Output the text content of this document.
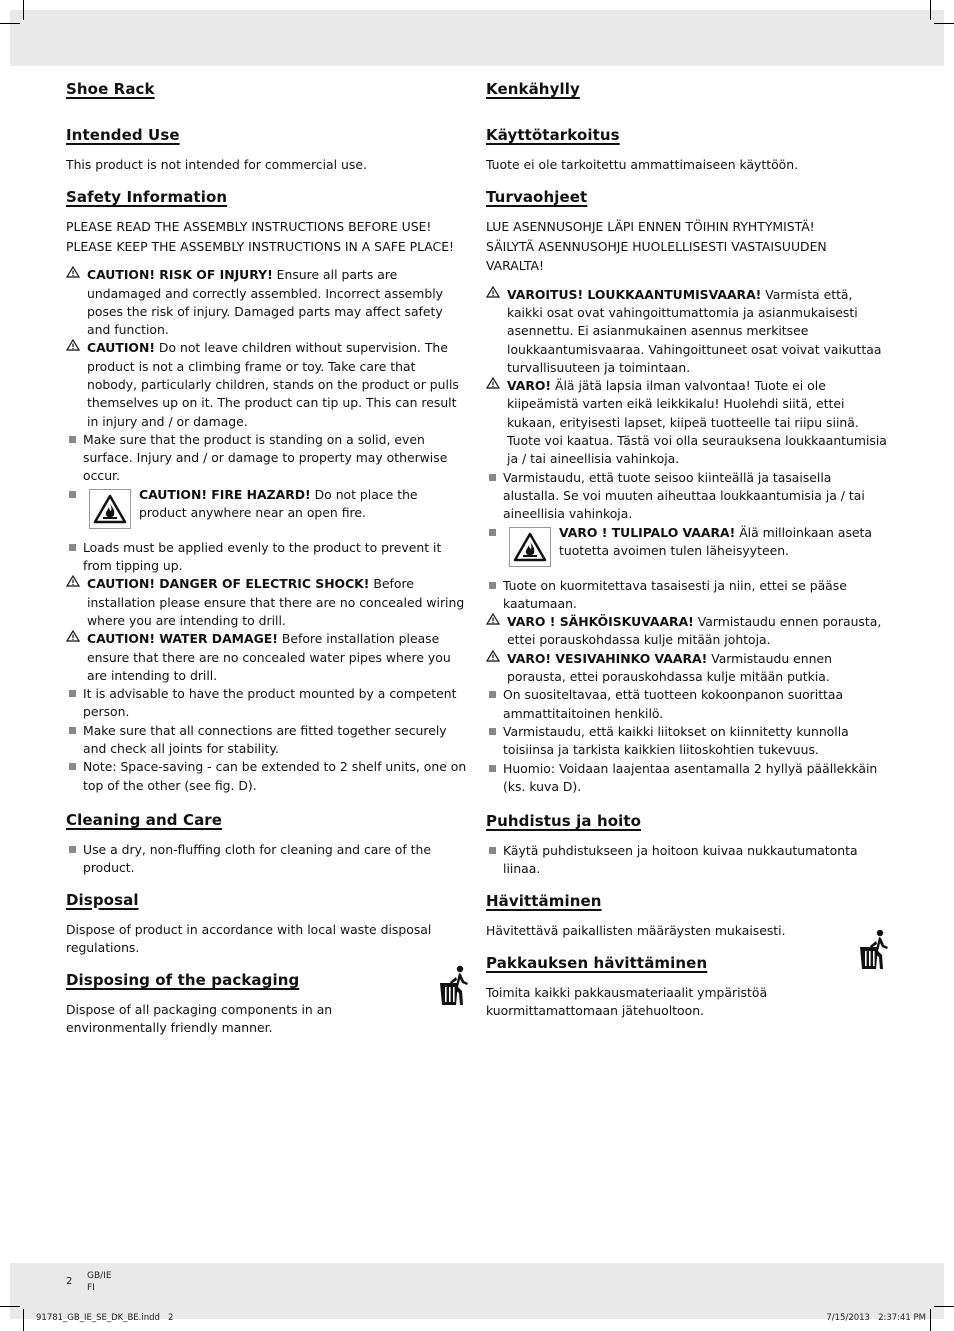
Shoe Rack
Intended Use

This product is not intended for commercial use.

Safety Information
PLEASE READ THE ASSEMBLY INSTRUCTIONS BEFORE USE!
PLEASE KEEP THE ASSEMBLY INSTRUCTIONS IN A SAFE PLACE!
CAUTION! RISK OF INJURY! Ensure all parts are undamaged and correctly assembled. Incorrect assembly poses the risk of injury. Damaged parts may affect safety and function.
CAUTION! Do not leave children without supervision. The product is not a climbing frame or toy. Take care that nobody, particularly children, stands on the product or pulls themselves up on it. The product can tip up. This can result in injury and / or damage.
Make sure that the product is standing on a solid, even surface. Injury and / or damage to property may otherwise occur.
CAUTION! FIRE HAZARD! Do not place the product anywhere near an open fire.
Loads must be applied evenly to the product to prevent it from tipping up.
CAUTION! DANGER OF ELECTRIC SHOCK! Before installation please ensure that there are no concealed wiring where you are intending to drill.
CAUTION! WATER DAMAGE! Before installation please ensure that there are no concealed water pipes where you are intending to drill.
It is advisable to have the product mounted by a competent person.
Make sure that all connections are fitted together securely and check all joints for stability.
Note: Space-saving - can be extended to 2 shelf units, one on top of the other (see fig. D).
Cleaning and Care
Use a dry, non-fluffing cloth for cleaning and care of the product.
Disposal

Dispose of product in accordance with local waste disposal regulations.

Disposing of the packaging

Dispose of all packaging components in an environmentally friendly manner.

Kenkähylly
Käyttötarkoitus

Tuote ei ole tarkoitettu ammattimaiseen käyttöön.

Turvaohjeet
LUE ASENNUSOHJE LÄPI ENNEN TÖIHIN RYHTYMISTÄ!
SÄILYTÄ ASENNUSOHJE HUOLELLISESTI VASTAISUUDEN VARALTA!
VAROITUS! LOUKKAANTUMISVAARA! Varmista että, kaikki osat ovat vahingoittumattomia ja asianmukaisesti asennettu. Ei asianmukainen asennus merkitsee loukkaantumisvaaraa. Vahingoittuneet osat voivat vaikuttaa turvallisuuteen ja toimintaan.
VARO! Älä jätä lapsia ilman valvontaa! Tuote ei ole kiipeämistä varten eikä leikkikalu! Huolehdi siitä, ettei kukaan, erityisesti lapset, kiipeä tuotteelle tai riipu siinä. Tuote voi kaatua. Tästä voi olla seurauksena loukkaantumisia ja / tai aineellisia vahinkoja.
Varmistaudu, että tuote seisoo kiinteällä ja tasaisella alustalla. Se voi muuten aiheuttaa loukkaantumisia ja / tai aineellisia vahinkoja.
VARO ! TULIPALO VAARA! Älä milloinkaan aseta tuotetta avoimen tulen läheisyyteen.
Tuote on kuormitettava tasaisesti ja niin, ettei se pääse kaatumaan.
VARO ! SÄHKÖISKUVAARA! Varmistaudu ennen porausta, ettei porauskohdassa kulje mitään johtoja.
VARO! VESIVAHINKO VAARA! Varmistaudu ennen porausta, ettei porauskohdassa kulje mitään putkia.
On suositeltavaa, että tuotteen kokoonpanon suorittaa ammattitaitoinen henkilö.
Varmistaudu, että kaikki liitokset on kiinnitetty kunnolla toisiinsa ja tarkista kaikkien liitoskohtien tukevuus.
Huomio: Voidaan laajentaa asentamalla 2 hyllyä päällekkäin (ks. kuva D).
Puhdistus ja hoito
Käytä puhdistukseen ja hoitoon kuivaa nukkautumatonta liinaa.
Hävittäminen

Hävitettävä paikallisten määräysten mukaisesti.

Pakkauksen hävittäminen

Toimita kaikki pakkausmateriaalit ympäristöä kuormittamattomaan jätehuoltoon.

2 GB/IE
FI
91781_GB_IE_SE_DK_BE.indd   2	7/15/2013   2:37:41 PM
